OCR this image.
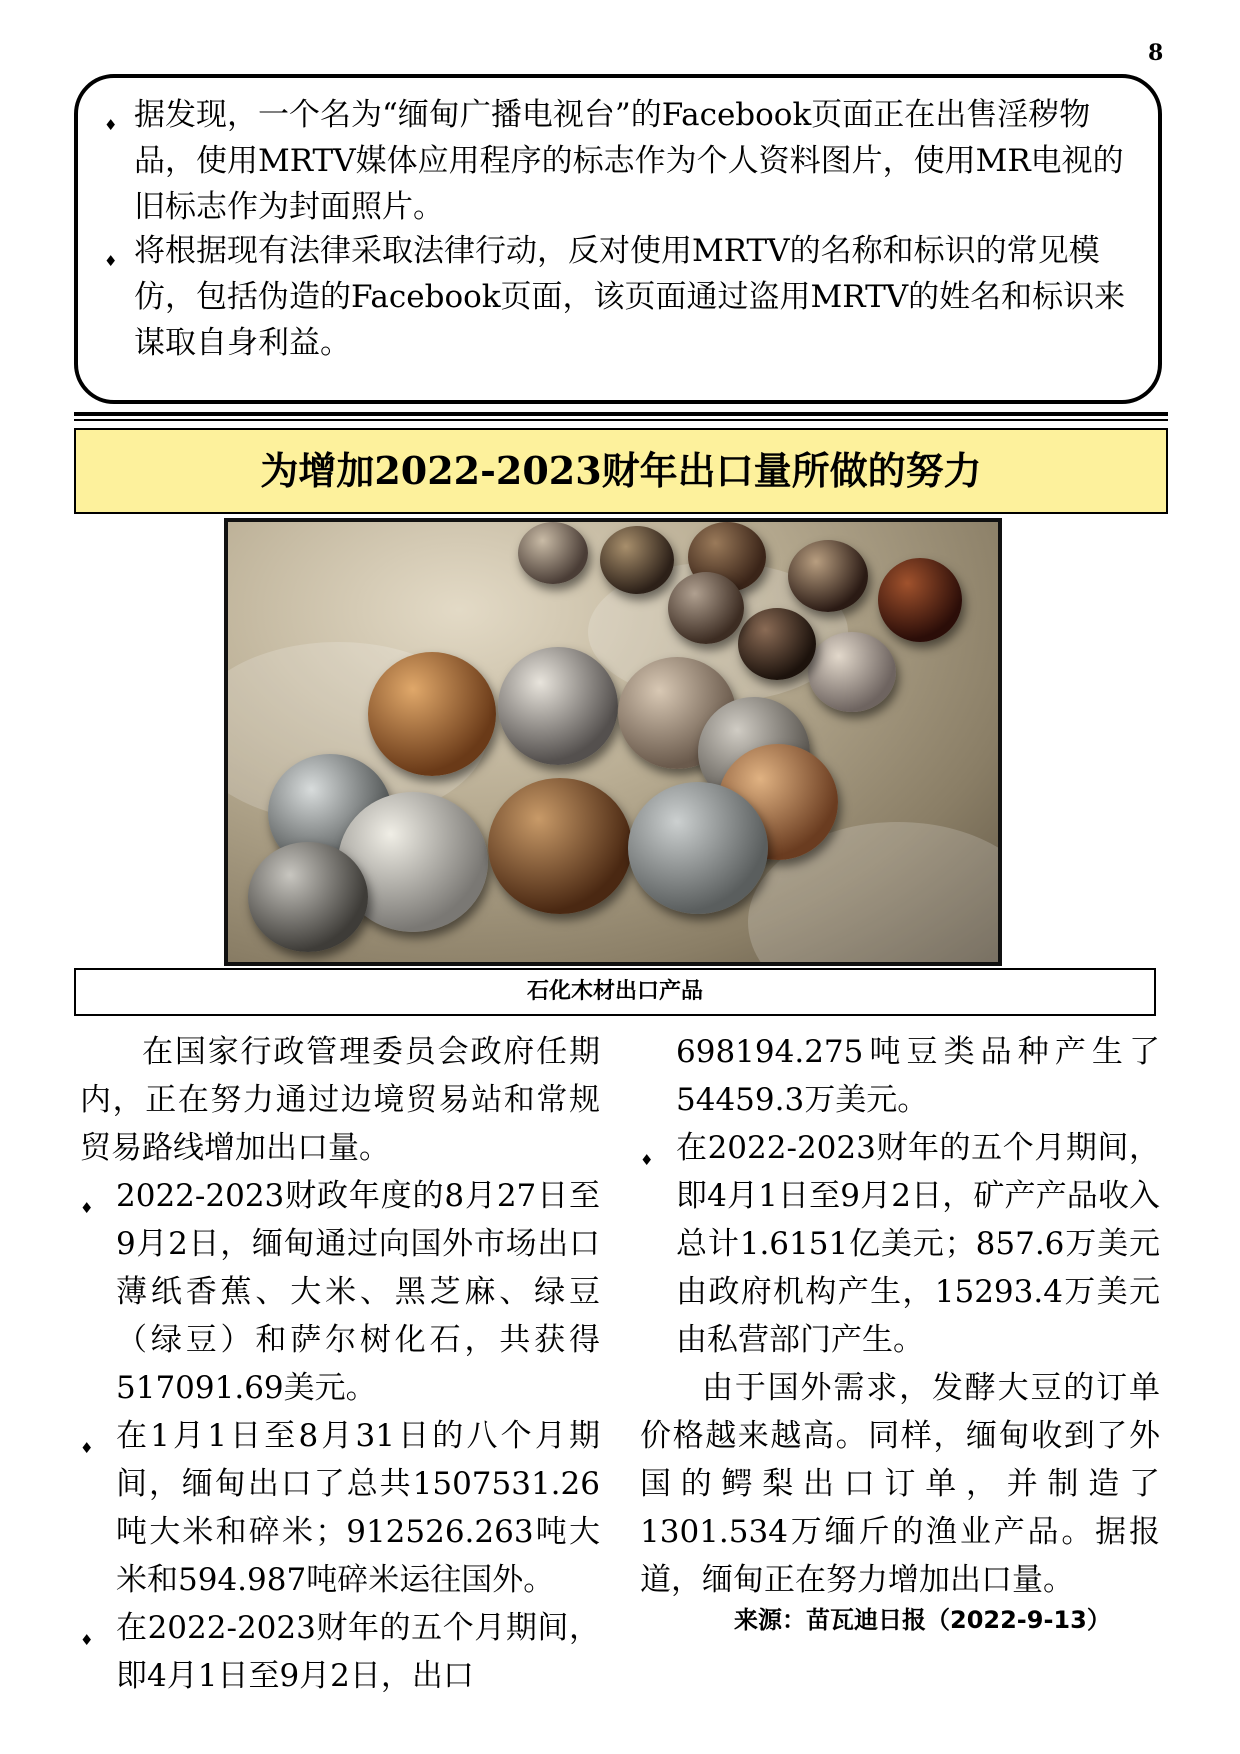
8
♦ 据发现，一个名为“缅甸广播电视台”的Facebook页面正在出售淫秽物品，使用MRTV媒体应用程序的标志作为个人资料图片，使用MR电视的旧标志作为封面照片。
♦ 将根据现有法律采取法律行动，反对使用MRTV的名称和标识的常见模仿，包括伪造的Facebook页面，该页面通过盗用MRTV的姓名和标识来谋取自身利益。
为增加2022-2023财年出口量所做的努力
石化木材出口产品

在国家行政管理委员会政府任期内，正在努力通过边境贸易站和常规贸易路线增加出口量。

♦ 2022-2023财政年度的8月27日至9月2日，缅甸通过向国外市场出口薄纸香蕉、大米、黑芝麻、绿豆（绿豆）和萨尔树化石，共获得517091.69美元。
♦ 在1月1日至8月31日的八个月期间，缅甸出口了总共1507531.26吨大米和碎米；912526.263吨大米和594.987吨碎米运往国外。
♦ 在2022-2023财年的五个月期间，即4月1日至9月2日，出口

698194.275吨豆类品种产生了54459.3万美元。

♦ 在2022-2023财年的五个月期间，即4月1日至9月2日，矿产产品收入总计1.6151亿美元；857.6万美元由政府机构产生，15293.4万美元由私营部门产生。

由于国外需求，发酵大豆的订单价格越来越高。同样，缅甸收到了外国的鳄梨出口订单，并制造了1301.534万缅斤的渔业产品。据报道，缅甸正在努力增加出口量。

来源：苗瓦迪日报（2022-9-13）
